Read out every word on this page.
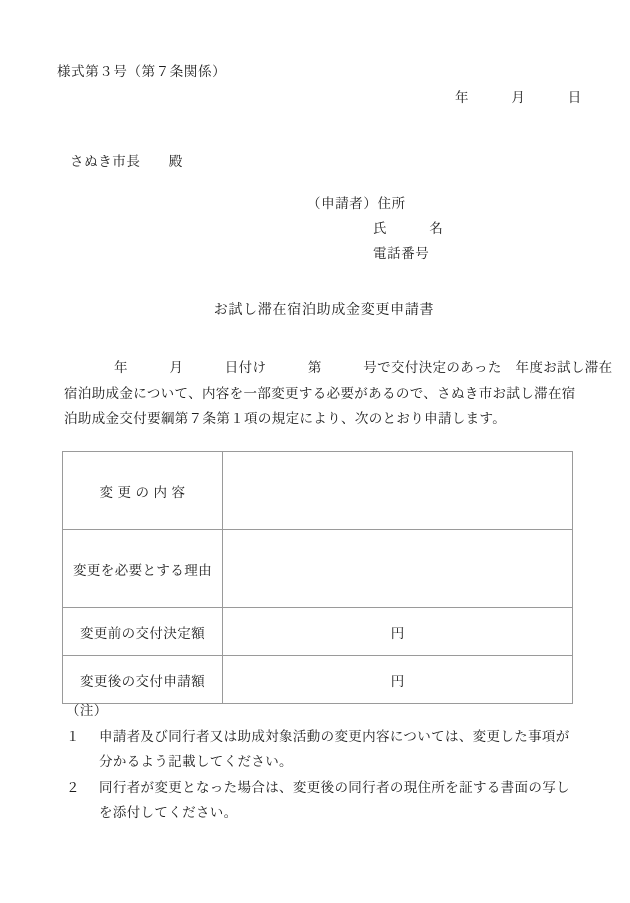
様式第３号（第７条関係）
年　　　月　　　日
さぬき市長　　殿
（申請者）住所
氏　　　名
電話番号
お試し滞在宿泊助成金変更申請書
年　　　月　　　日付け　　　第　　　号で交付決定のあった　年度お試し滞在
宿泊助成金について、内容を一部変更する必要があるので、さぬき市お試し滞在宿
泊助成金交付要綱第７条第１項の規定により、次のとおり申請します。
変更の内容	
変更を必要とする理由	
変更前の交付決定額	円
変更後の交付申請額	円
（注）
１ 申請者及び同行者又は助成対象活動の変更内容については、変更した事項が
分かるよう記載してください。
２ 同行者が変更となった場合は、変更後の同行者の現住所を証する書面の写し
を添付してください。
